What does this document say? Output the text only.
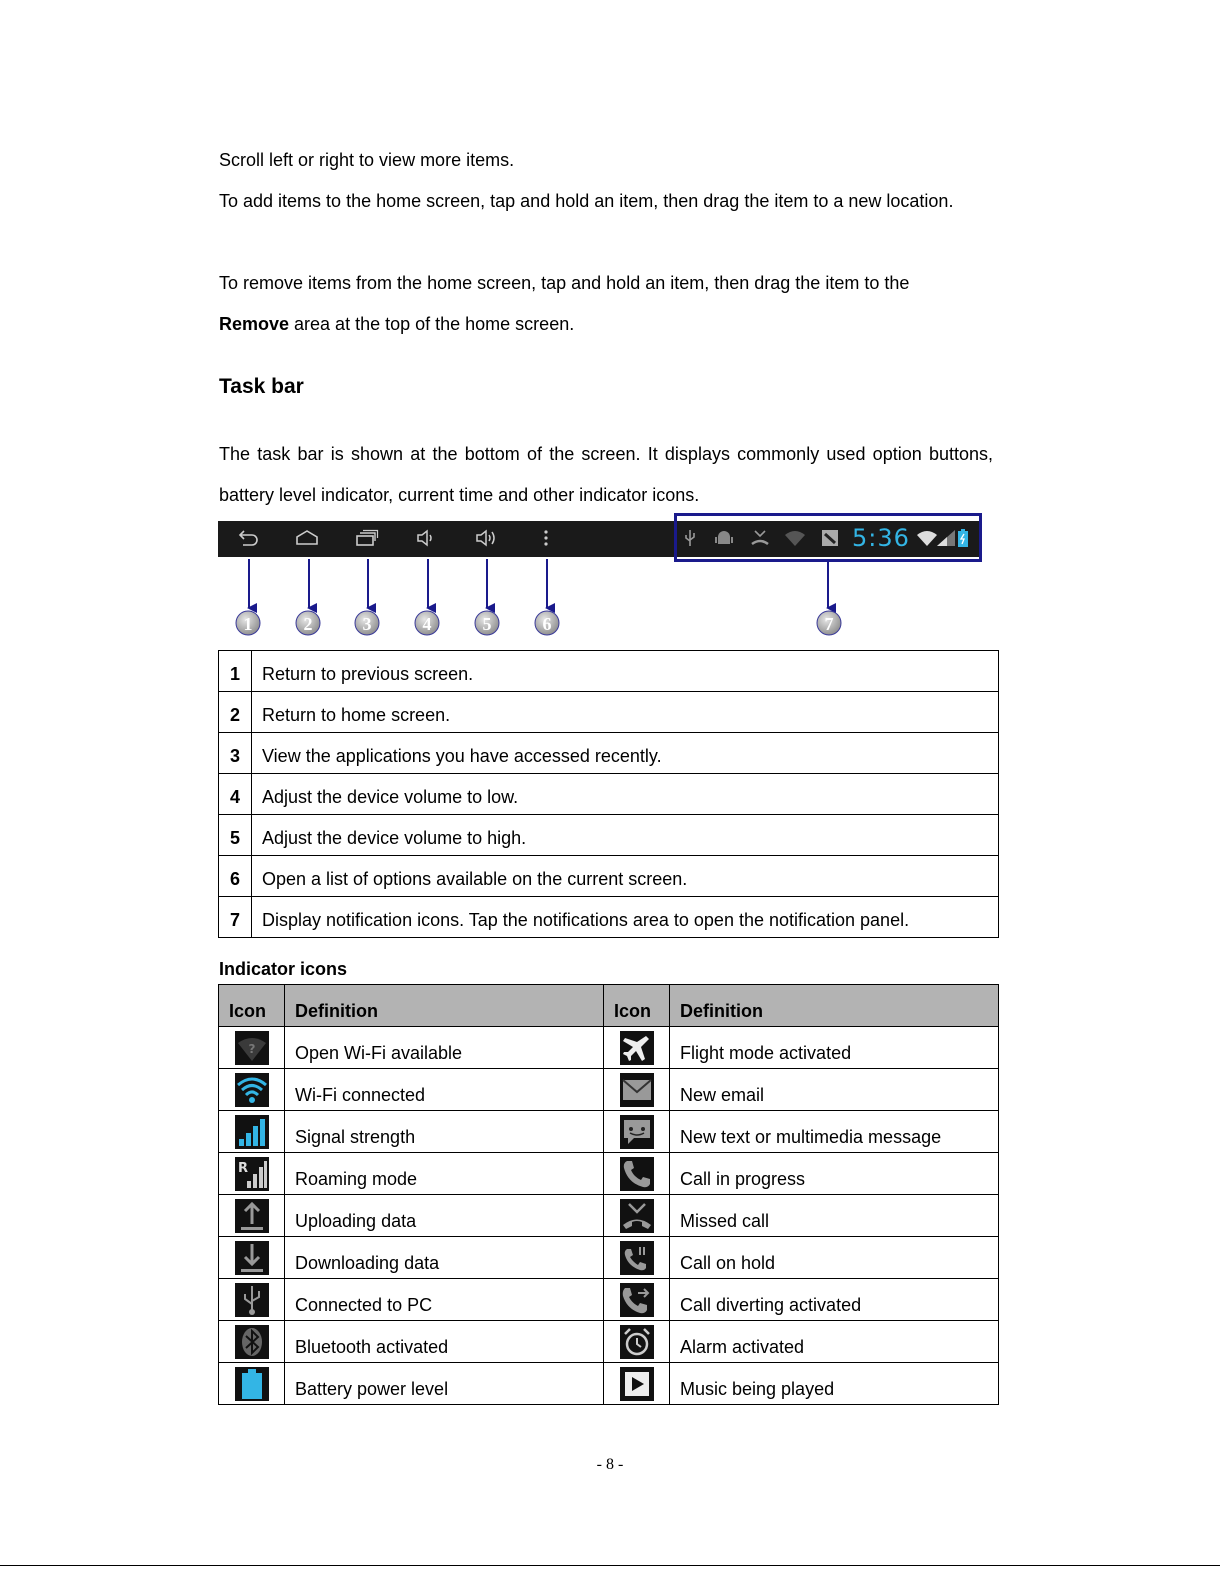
Scroll left or right to view more items.

To add items to the home screen, tap and hold an item, then drag the item to a new location.

To remove items from the home screen, tap and hold an item, then drag the item to the
Remove area at the top of the home screen.

Task bar

The task bar is shown at the bottom of the screen. It displays commonly used option buttons, battery level indicator, current time and other indicator icons.

5:36
1	2	3	4	5	6	7
1	Return to previous screen.
2	Return to home screen.
3	View the applications you have accessed recently.
4	Adjust the device volume to low.
5	Adjust the device volume to high.
6	Open a list of options available on the current screen.
7	Display notification icons. Tap the notifications area to open the notification panel.
Indicator icons
Icon	Definition	Icon	Definition

?	Open Wi-Fi available		Flight mode activated

	Wi-Fi connected		New email

	Signal strength		New text or multimedia message

R	Roaming mode		Call in progress

	Uploading data		Missed call

	Downloading data		Call on hold

	Connected to PC		Call diverting activated

	Bluetooth activated		Alarm activated

	Battery power level		Music being played
- 8 -
